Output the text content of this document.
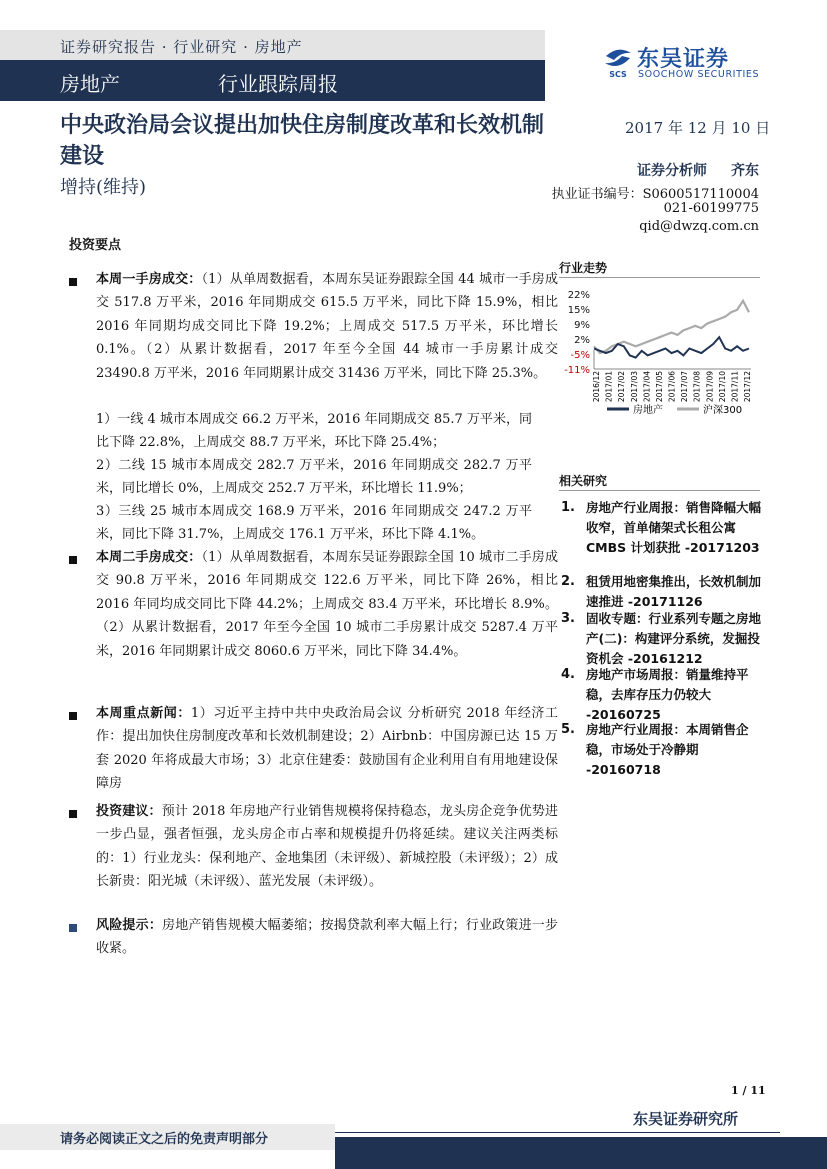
证券研究报告 · 行业研究 · 房地产
房地产	行业跟踪周报	SCS
东吴证券
SOOCHOW SECURITIES
中央政治局会议提出加快住房制度改革和长效机制建设
增持(维持)
2017 年 12 月 10 日
证券分析师 齐东
执业证书编号：S0600517110004
021-60199775
qid@dwzq.com.cn
投资要点
本周一手房成交：（1）从单周数据看，本周东吴证券跟踪全国 44 城市一手房成交 517.8 万平米，2016 年同期成交 615.5 万平米，同比下降 15.9%，相比 2016 年同期均成交同比下降 19.2%；上周成交 517.5 万平米，环比增长 0.1%。（2）从累计数据看，2017 年至今全国 44 城市一手房累计成交 23490.8 万平米，2016 年同期累计成交 31436 万平米，同比下降 25.3%。
1）一线 4 城市本周成交 66.2 万平米，2016 年同期成交 85.7 万平米，同比下降 22.8%，上周成交 88.7 万平米，环比下降 25.4%；
2）二线 15 城市本周成交 282.7 万平米，2016 年同期成交 282.7 万平米，同比增长 0%，上周成交 252.7 万平米，环比增长 11.9%；
3）三线 25 城市本周成交 168.9 万平米，2016 年同期成交 247.2 万平米，同比下降 31.7%，上周成交 176.1 万平米，环比下降 4.1%。
本周二手房成交：（1）从单周数据看，本周东吴证券跟踪全国 10 城市二手房成交 90.8 万平米，2016 年同期成交 122.6 万平米，同比下降 26%，相比 2016 年同均成交同比下降 44.2%；上周成交 83.4 万平米，环比增长 8.9%。（2）从累计数据看，2017 年至今全国 10 城市二手房累计成交 5287.4 万平米，2016 年同期累计成交 8060.6 万平米，同比下降 34.4%。
本周重点新闻：1）习近平主持中共中央政治局会议 分析研究 2018 年经济工作：提出加快住房制度改革和长效机制建设；2）Airbnb：中国房源已达 15 万套 2020 年将成最大市场；3）北京住建委：鼓励国有企业利用自有用地建设保障房
投资建议：预计 2018 年房地产行业销售规模将保持稳态，龙头房企竞争优势进一步凸显，强者恒强，龙头房企市占率和规模提升仍将延续。建议关注两类标的：1）行业龙头：保利地产、金地集团（未评级）、新城控股（未评级）；2）成长新贵：阳光城（未评级）、蓝光发展（未评级）。
风险提示：房地产销售规模大幅萎缩；按揭贷款利率大幅上行；行业政策进一步收紧。
行业走势
22%
15%
9%
2%
-5%
-11%
2016/12 2017/01 2017/02 2017/03 2017/04 2017/05 2017/06 2017/07 2017/08 2017/09 2017/10 2017/11 2017/12
房地产	沪深300
相关研究
1. 房地产行业周报：销售降幅大幅收窄，首单储架式长租公寓 CMBS 计划获批 -20171203
2. 租赁用地密集推出，长效机制加速推进 -20171126
3. 固收专题：行业系列专题之房地产(二)：构建评分系统，发掘投资机会 -20161212
4. 房地产市场周报：销量维持平稳，去库存压力仍较大 -20160725
5. 房地产行业周报：本周销售企稳，市场处于冷静期 -20160718
1 / 11
东吴证券研究所
请务必阅读正文之后的免责声明部分
